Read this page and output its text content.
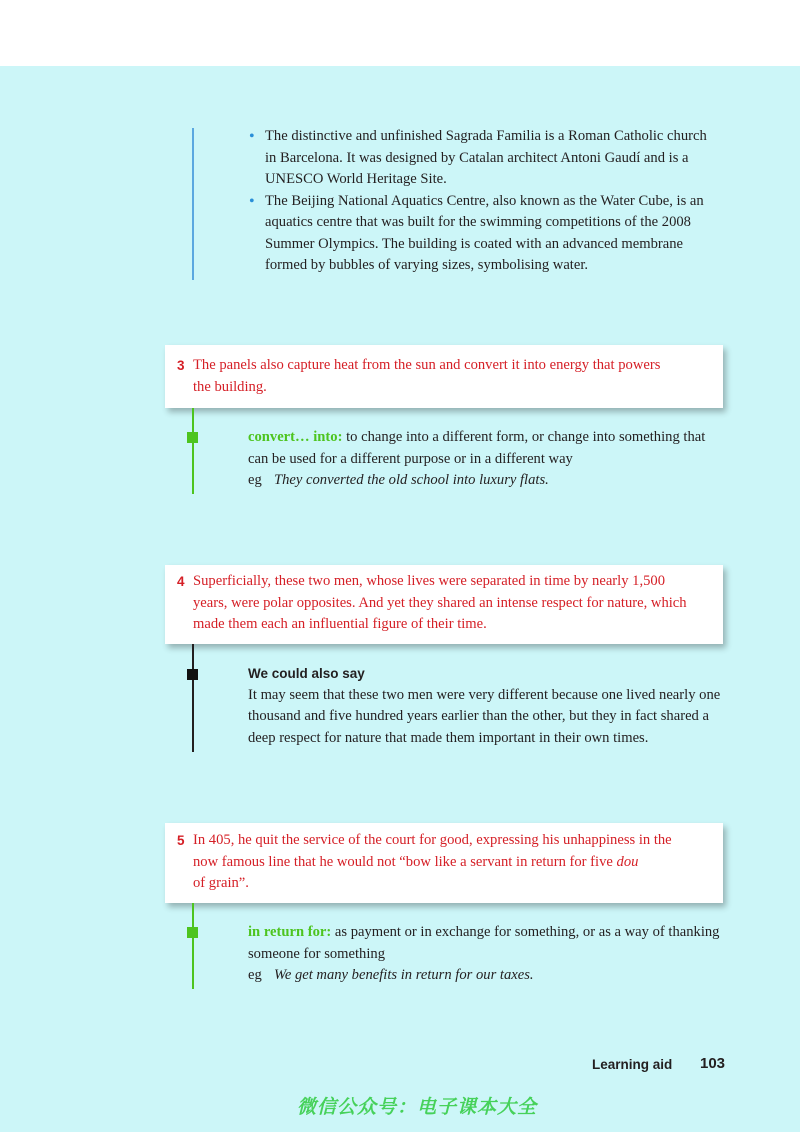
• The distinctive and unfinished Sagrada Familia is a Roman Catholic church
in Barcelona. It was designed by Catalan architect Antoni Gaudí and is a
UNESCO World Heritage Site.
• The Beijing National Aquatics Centre, also known as the Water Cube, is an
aquatics centre that was built for the swimming competitions of the 2008
Summer Olympics. The building is coated with an advanced membrane
formed by bubbles of varying sizes, symbolising water.
3 The panels also capture heat from the sun and convert it into energy that powers
the building.
convert… into: to change into a different form, or change into something that
can be used for a different purpose or in a different way
eg They converted the old school into luxury flats.
4 Superficially, these two men, whose lives were separated in time by nearly 1,500
years, were polar opposites. And yet they shared an intense respect for nature, which
made them each an influential figure of their time.
We could also say
It may seem that these two men were very different because one lived nearly one
thousand and five hundred years earlier than the other, but they in fact shared a
deep respect for nature that made them important in their own times.
5 In 405, he quit the service of the court for good, expressing his unhappiness in the
now famous line that he would not “bow like a servant in return for five dou
of grain”.
in return for: as payment or in exchange for something, or as a way of thanking
someone for something
eg We get many benefits in return for our taxes.
Learning aid 103
微信公众号：电子课本大全
